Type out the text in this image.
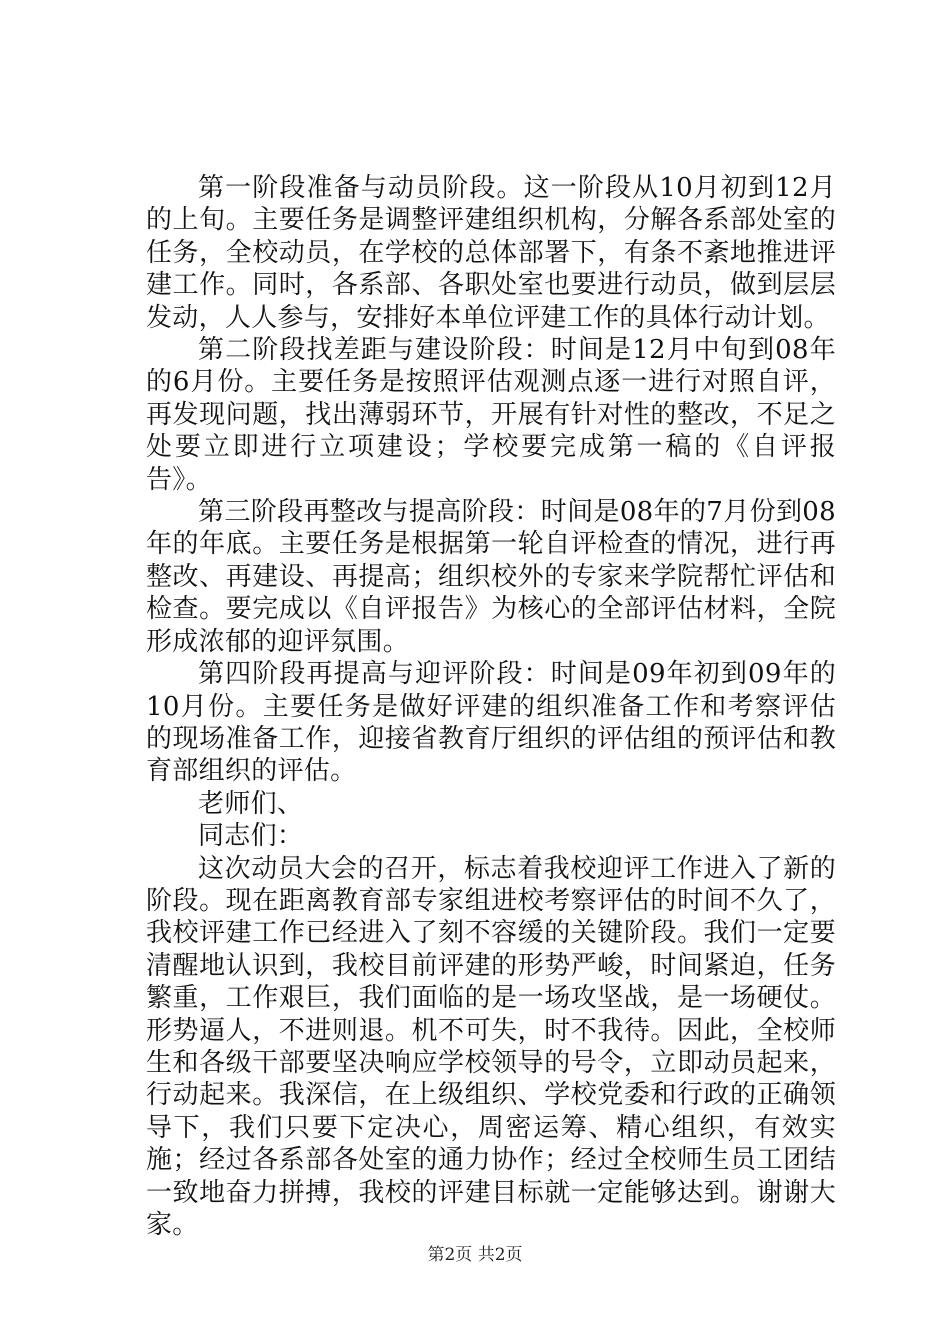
第一阶段准备与动员阶段。这一阶段从10月初到12月的上旬。主要任务是调整评建组织机构，分解各系部处室的任务，全校动员，在学校的总体部署下，有条不紊地推进评建工作。同时，各系部、各职处室也要进行动员，做到层层发动，人人参与，安排好本单位评建工作的具体行动计划。

第二阶段找差距与建设阶段：时间是12月中旬到08年的6月份。主要任务是按照评估观测点逐一进行对照自评，再发现问题，找出薄弱环节，开展有针对性的整改，不足之处要立即进行立项建设；学校要完成第一稿的《自评报告》。

第三阶段再整改与提高阶段：时间是08年的7月份到08年的年底。主要任务是根据第一轮自评检查的情况，进行再整改、再建设、再提高；组织校外的专家来学院帮忙评估和检查。要完成以《自评报告》为核心的全部评估材料，全院形成浓郁的迎评氛围。

第四阶段再提高与迎评阶段：时间是09年初到09年的10月份。主要任务是做好评建的组织准备工作和考察评估的现场准备工作，迎接省教育厅组织的评估组的预评估和教育部组织的评估。

老师们、

同志们：

这次动员大会的召开，标志着我校迎评工作进入了新的阶段。现在距离教育部专家组进校考察评估的时间不久了，我校评建工作已经进入了刻不容缓的关键阶段。我们一定要清醒地认识到，我校目前评建的形势严峻，时间紧迫，任务繁重，工作艰巨，我们面临的是一场攻坚战，是一场硬仗。形势逼人，不进则退。机不可失，时不我待。因此，全校师生和各级干部要坚决响应学校领导的号令，立即动员起来，行动起来。我深信，在上级组织、学校党委和行政的正确领导下，我们只要下定决心，周密运筹、精心组织，有效实施；经过各系部各处室的通力协作；经过全校师生员工团结一致地奋力拼搏，我校的评建目标就一定能够达到。谢谢大家。

第2页 共2页
